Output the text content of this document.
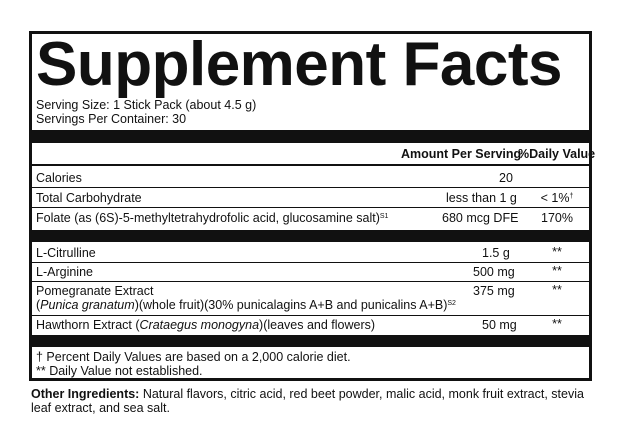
Supplement Facts
Serving Size: 1 Stick Pack (about 4.5 g)
Servings Per Container: 30
Amount Per Serving
%Daily Value
Calories	20
Total Carbohydrate	less than 1 g	< 1%†
Folate (as (6S)-5-methyltetrahydrofolic acid, glucosamine salt)$^{S1}$	680 mcg DFE	170%
L-Citrulline	1.5 g	**
L-Arginine	500 mg	**
Pomegranate Extract
(Punica granatum)(whole fruit)(30% punicalagins A+B and punicalins A+B)$^{S2}$
375 mg	**
Hawthorn Extract (Crataegus monogyna)(leaves and flowers)	50 mg	**
† Percent Daily Values are based on a 2,000 calorie diet.
** Daily Value not established.
Other Ingredients: Natural flavors, citric acid, red beet powder, malic acid, monk fruit extract, stevia leaf extract, and sea salt.
